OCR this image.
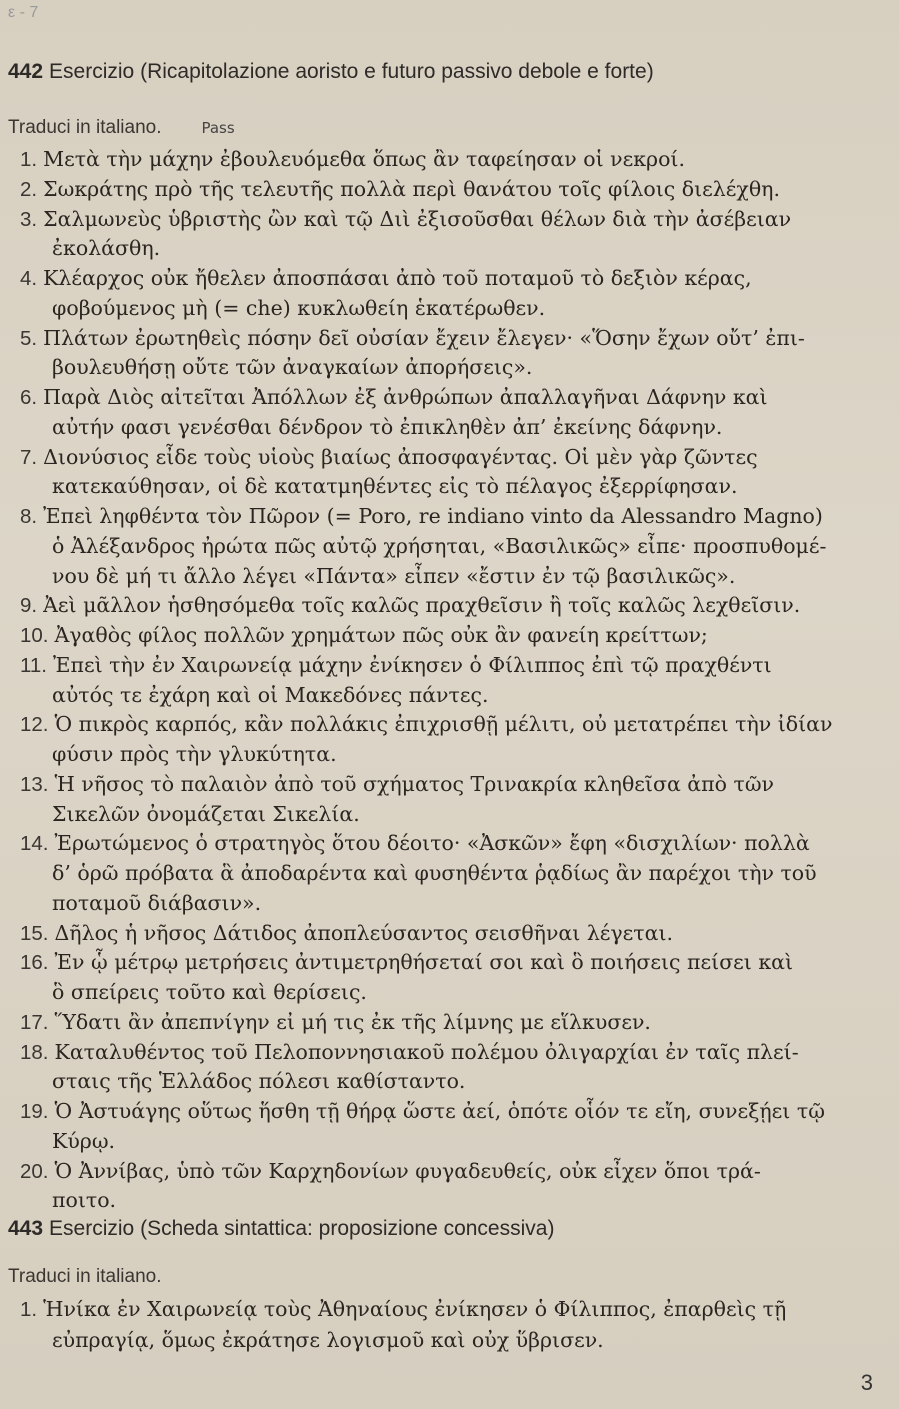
ε - 7
442 Esercizio (Ricapitolazione aoristo e futuro passivo debole e forte)
Traduci in italiano.	Pass
1. Μετὰ τὴν μάχην ἐβουλευόμεθα ὅπως ἂν ταφείησαν οἱ νεκροί.
2. Σωκράτης πρὸ τῆς τελευτῆς πολλὰ περὶ θανάτου τοῖς φίλοις διελέχθη.
3. Σαλμωνεὺς ὑβριστὴς ὢν καὶ τῷ Διὶ ἐξισοῦσθαι θέλων διὰ τὴν ἀσέβειαν
ἐκολάσθη.
4. Κλέαρχος οὐκ ἤθελεν ἀποσπάσαι ἀπὸ τοῦ ποταμοῦ τὸ δεξιὸν κέρας,
φοβούμενος μὴ (= che) κυκλωθείη ἑκατέρωθεν.
5. Πλάτων ἐρωτηθεὶς πόσην δεῖ οὐσίαν ἔχειν ἔλεγεν· «Ὅσην ἔχων οὔτ’ ἐπι-
βουλευθήσῃ οὔτε τῶν ἀναγκαίων ἀπορήσεις».
6. Παρὰ Διὸς αἰτεῖται Ἀπόλλων ἐξ ἀνθρώπων ἀπαλλαγῆναι Δάφνην καὶ
αὐτήν φασι γενέσθαι δένδρον τὸ ἐπικληθὲν ἀπ’ ἐκείνης δάφνην.
7. Διονύσιος εἶδε τοὺς υἱοὺς βιαίως ἀποσφαγέντας. Οἱ μὲν γὰρ ζῶντες
κατεκαύθησαν, οἱ δὲ κατατμηθέντες εἰς τὸ πέλαγος ἐξερρίφησαν.
8. Ἐπεὶ ληφθέντα τὸν Πῶρον (= Poro, re indiano vinto da Alessandro Magno)
ὁ Ἀλέξανδρος ἠρώτα πῶς αὐτῷ χρήσηται, «Βασιλικῶς» εἶπε· προσπυθομέ-
νου δὲ μή τι ἄλλο λέγει «Πάντα» εἶπεν «ἔστιν ἐν τῷ βασιλικῶς».
9. Ἀεὶ μᾶλλον ἡσθησόμεθα τοῖς καλῶς πραχθεῖσιν ἢ τοῖς καλῶς λεχθεῖσιν.
10. Ἀγαθὸς φίλος πολλῶν χρημάτων πῶς οὐκ ἂν φανείη κρείττων;
11. Ἐπεὶ τὴν ἐν Χαιρωνείᾳ μάχην ἐνίκησεν ὁ Φίλιππος ἐπὶ τῷ πραχθέντι
αὐτός τε ἐχάρη καὶ οἱ Μακεδόνες πάντες.
12. Ὁ πικρὸς καρπός, κἂν πολλάκις ἐπιχρισθῇ μέλιτι, οὐ μετατρέπει τὴν ἰδίαν
φύσιν πρὸς τὴν γλυκύτητα.
13. Ἡ νῆσος τὸ παλαιὸν ἀπὸ τοῦ σχήματος Τρινακρία κληθεῖσα ἀπὸ τῶν
Σικελῶν ὀνομάζεται Σικελία.
14. Ἐρωτώμενος ὁ στρατηγὸς ὅτου δέοιτο· «Ἀσκῶν» ἔφη «δισχιλίων· πολλὰ
δ’ ὁρῶ πρόβατα ἃ ἀποδαρέντα καὶ φυσηθέντα ῥᾳδίως ἂν παρέχοι τὴν τοῦ
ποταμοῦ διάβασιν».
15. Δῆλος ἡ νῆσος Δάτιδος ἀποπλεύσαντος σεισθῆναι λέγεται.
16. Ἐν ᾧ μέτρῳ μετρήσεις ἀντιμετρηθήσεταί σοι καὶ ὃ ποιήσεις πείσει καὶ
ὃ σπείρεις τοῦτο καὶ θερίσεις.
17. Ὕδατι ἂν ἀπεπνίγην εἰ μή τις ἐκ τῆς λίμνης με εἵλκυσεν.
18. Καταλυθέντος τοῦ Πελοποννησιακοῦ πολέμου ὀλιγαρχίαι ἐν ταῖς πλεί-
σταις τῆς Ἑλλάδος πόλεσι καθίσταντο.
19. Ὁ Ἀστυάγης οὕτως ἥσθη τῇ θήρᾳ ὥστε ἀεί, ὁπότε οἷόν τε εἴη, συνεξῄει τῷ
Κύρῳ.
20. Ὁ Ἀννίβας, ὑπὸ τῶν Καρχηδονίων φυγαδευθείς, οὐκ εἶχεν ὅποι τρά-
ποιτο.
443 Esercizio (Scheda sintattica: proposizione concessiva)
Traduci in italiano.
1. Ἡνίκα ἐν Χαιρωνείᾳ τοὺς Ἀθηναίους ἐνίκησεν ὁ Φίλιππος, ἐπαρθεὶς τῇ
εὐπραγίᾳ, ὅμως ἐκράτησε λογισμοῦ καὶ οὐχ ὕβρισεν.
3
